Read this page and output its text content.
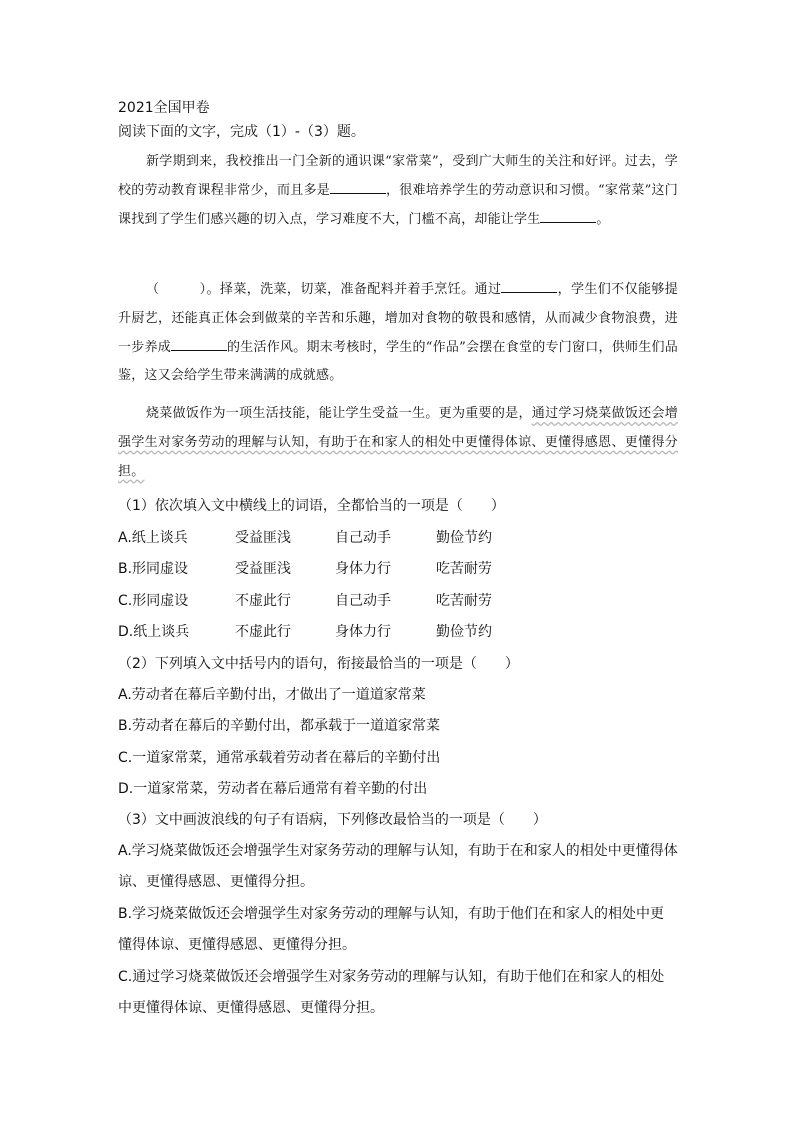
2021全国甲卷
阅读下面的文字，完成（1）-（3）题。
新学期到来，我校推出一门全新的通识课“家常菜”，受到广大师生的关注和好评。过去，学校的劳动教育课程非常少，而且多是	，很难培养学生的劳动意识和习惯。“家常菜”这门课找到了学生们感兴趣的切入点，学习难度不大，门槛不高，却能让学生	。
（　　　）。择菜，洗菜，切菜，准备配料并着手烹饪。通过	，学生们不仅能够提升厨艺，还能真正体会到做菜的辛苦和乐趣，增加对食物的敬畏和感情，从而减少食物浪费，进一步养成	的生活作风。期末考核时，学生的“作品”会摆在食堂的专门窗口，供师生们品鉴，这又会给学生带来满满的成就感。
烧菜做饭作为一项生活技能，能让学生受益一生。更为重要的是，通过学习烧菜做饭还会增强学生对家务劳动的理解与认知，有助于在和家人的相处中更懂得体谅、更懂得感恩、更懂得分担。
（1）依次填入文中横线上的词语，全都恰当的一项是（　　）
A.纸上谈兵	受益匪浅	自己动手	勤俭节约
B.形同虚设	受益匪浅	身体力行	吃苦耐劳
C.形同虚设	不虚此行	自己动手	吃苦耐劳
D.纸上谈兵	不虚此行	身体力行	勤俭节约
（2）下列填入文中括号内的语句，衔接最恰当的一项是（　　）
A.劳动者在幕后辛勤付出，才做出了一道道家常菜
B.劳动者在幕后的辛勤付出，都承载于一道道家常菜
C.一道家常菜，通常承载着劳动者在幕后的辛勤付出
D.一道家常菜，劳动者在幕后通常有着辛勤的付出
（3）文中画波浪线的句子有语病，下列修改最恰当的一项是（　　）
A.学习烧菜做饭还会增强学生对家务劳动的理解与认知，有助于在和家人的相处中更懂得体谅、更懂得感恩、更懂得分担。
B.学习烧菜做饭还会增强学生对家务劳动的理解与认知，有助于他们在和家人的相处中更懂得体谅、更懂得感恩、更懂得分担。
C.通过学习烧菜做饭还会增强学生对家务劳动的理解与认知，有助于他们在和家人的相处中更懂得体谅、更懂得感恩、更懂得分担。
